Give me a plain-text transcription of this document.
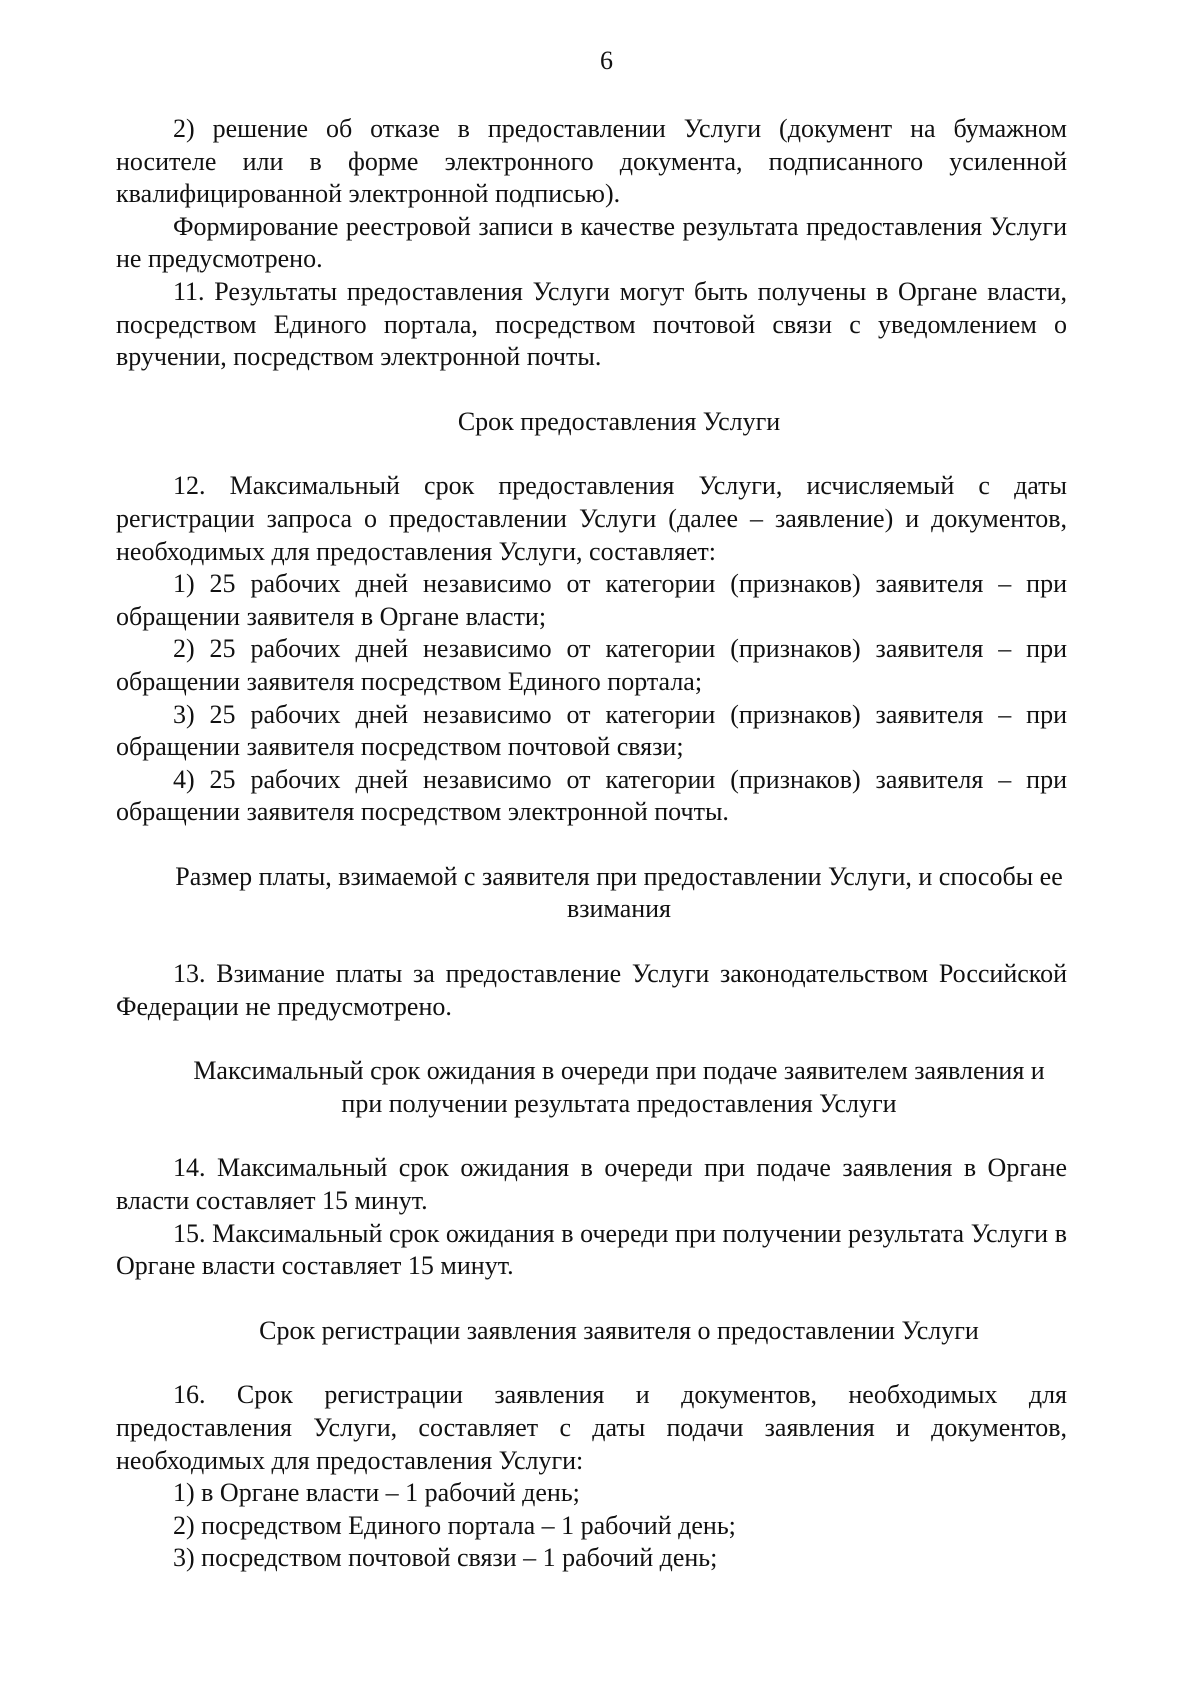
6

2) решение об отказе в предоставлении Услуги (документ на бумажном носителе или в форме электронного документа, подписанного усиленной квалифицированной электронной подписью).

Формирование реестровой записи в качестве результата предоставления Услуги не предусмотрено.

11. Результаты предоставления Услуги могут быть получены в Органе власти, посредством Единого портала, посредством почтовой связи с уведомлением о вручении, посредством электронной почты.

Срок предоставления Услуги

12. Максимальный срок предоставления Услуги, исчисляемый с даты регистрации запроса о предоставлении Услуги (далее – заявление) и документов, необходимых для предоставления Услуги, составляет:

1) 25 рабочих дней независимо от категории (признаков) заявителя – при обращении заявителя в Органе власти;

2) 25 рабочих дней независимо от категории (признаков) заявителя – при обращении заявителя посредством Единого портала;

3) 25 рабочих дней независимо от категории (признаков) заявителя – при обращении заявителя посредством почтовой связи;

4) 25 рабочих дней независимо от категории (признаков) заявителя – при обращении заявителя посредством электронной почты.

Размер платы, взимаемой с заявителя при предоставлении Услуги, и способы ее взимания

13. Взимание платы за предоставление Услуги законодательством Российской Федерации не предусмотрено.

Максимальный срок ожидания в очереди при подаче заявителем заявления и при получении результата предоставления Услуги

14. Максимальный срок ожидания в очереди при подаче заявления в Органе власти составляет 15 минут.

15. Максимальный срок ожидания в очереди при получении результата Услуги в Органе власти составляет 15 минут.

Срок регистрации заявления заявителя о предоставлении Услуги

16. Срок регистрации заявления и документов, необходимых для предоставления Услуги, составляет с даты подачи заявления и документов, необходимых для предоставления Услуги:

1) в Органе власти – 1 рабочий день;

2) посредством Единого портала – 1 рабочий день;

3) посредством почтовой связи – 1 рабочий день;
